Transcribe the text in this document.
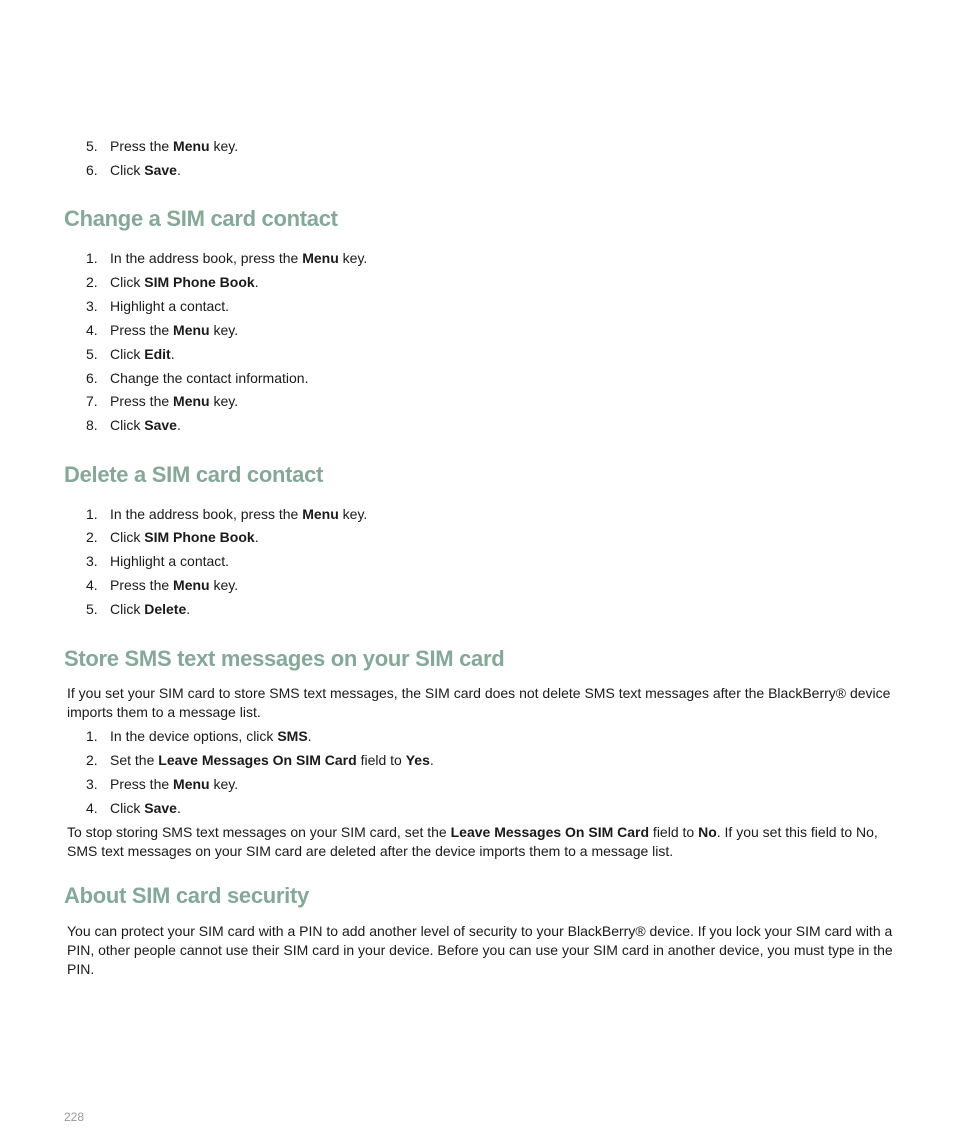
5. Press the Menu key.
6. Click Save.
Change a SIM card contact
1. In the address book, press the Menu key.
2. Click SIM Phone Book.
3. Highlight a contact.
4. Press the Menu key.
5. Click Edit.
6. Change the contact information.
7. Press the Menu key.
8. Click Save.
Delete a SIM card contact
1. In the address book, press the Menu key.
2. Click SIM Phone Book.
3. Highlight a contact.
4. Press the Menu key.
5. Click Delete.
Store SMS text messages on your SIM card

If you set your SIM card to store SMS text messages, the SIM card does not delete SMS text messages after the BlackBerry® device imports them to a message list.

1. In the device options, click SMS.
2. Set the Leave Messages On SIM Card field to Yes.
3. Press the Menu key.
4. Click Save.

To stop storing SMS text messages on your SIM card, set the Leave Messages On SIM Card field to No. If you set this field to No, SMS text messages on your SIM card are deleted after the device imports them to a message list.

About SIM card security

You can protect your SIM card with a PIN to add another level of security to your BlackBerry® device. If you lock your SIM card with a PIN, other people cannot use their SIM card in your device. Before you can use your SIM card in another device, you must type in the PIN.

228
